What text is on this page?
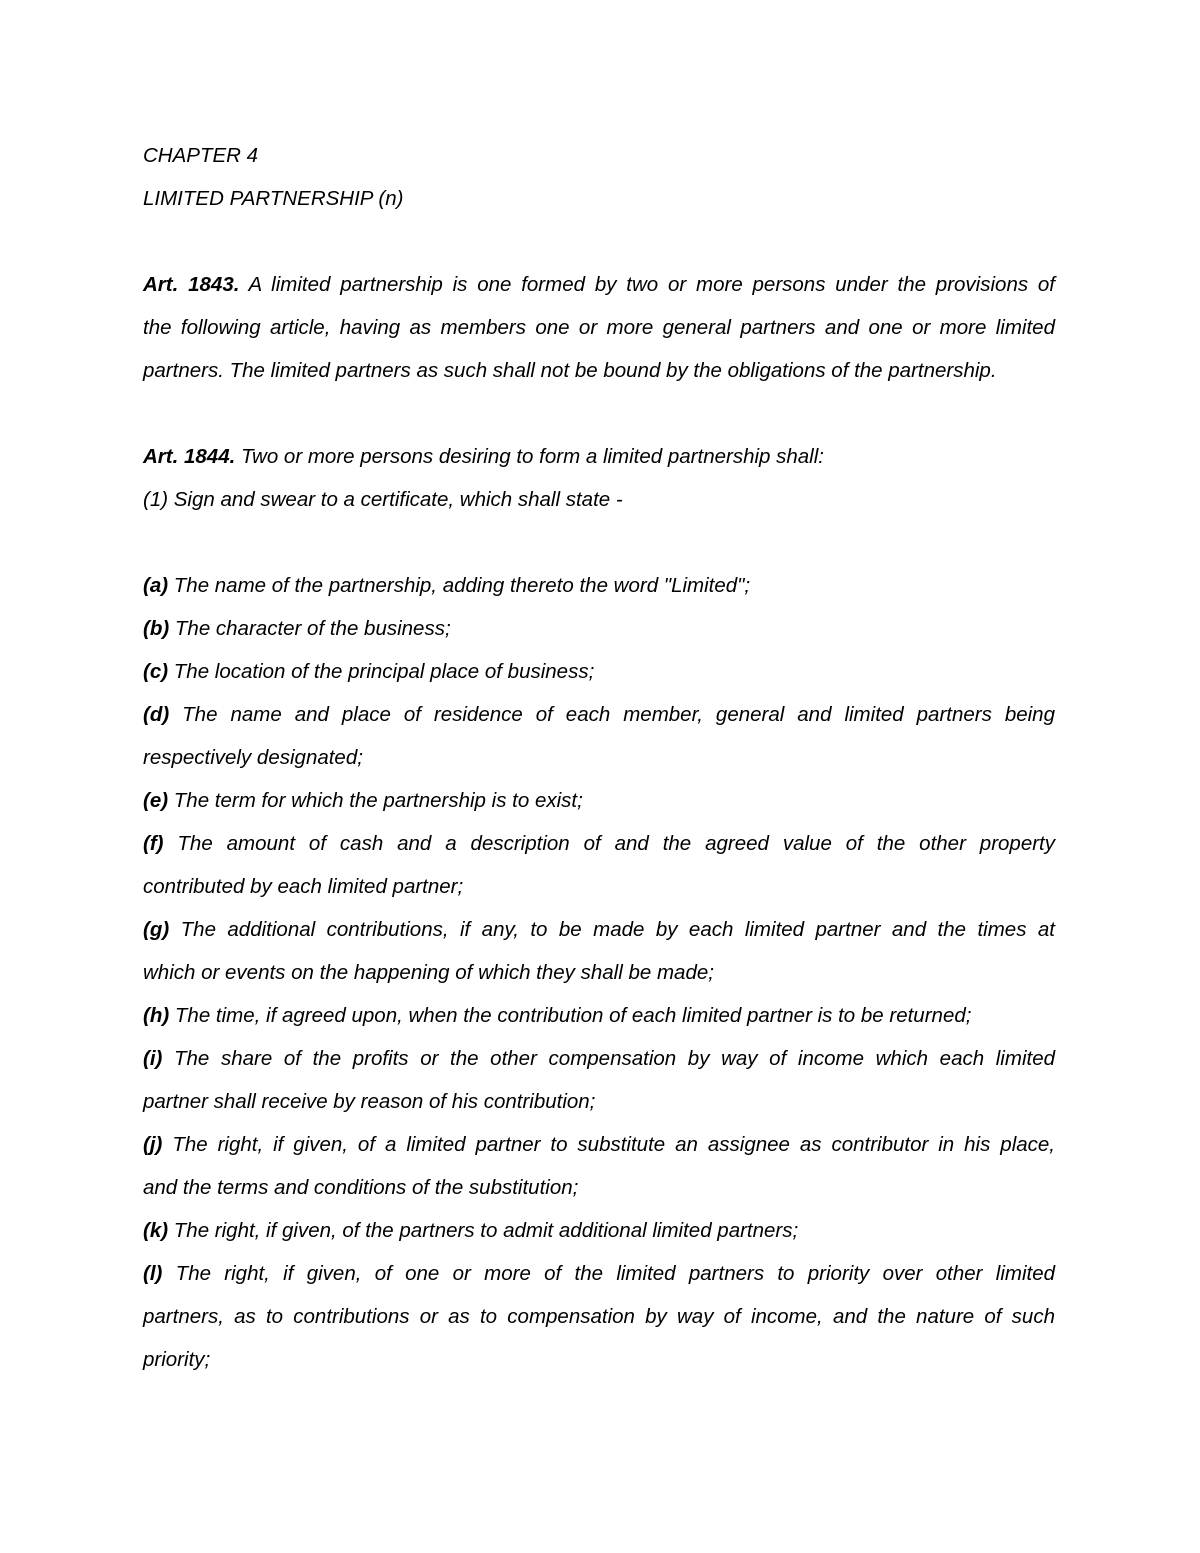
CHAPTER 4
LIMITED PARTNERSHIP (n)
Art. 1843. A limited partnership is one formed by two or more persons under the provisions of
the following article, having as members one or more general partners and one or more limited
partners. The limited partners as such shall not be bound by the obligations of the partnership.
Art. 1844. Two or more persons desiring to form a limited partnership shall:
(1) Sign and swear to a certificate, which shall state -
(a) The name of the partnership, adding thereto the word "Limited";
(b) The character of the business;
(c) The location of the principal place of business;
(d) The name and place of residence of each member, general and limited partners being
respectively designated;
(e) The term for which the partnership is to exist;
(f) The amount of cash and a description of and the agreed value of the other property
contributed by each limited partner;
(g) The additional contributions, if any, to be made by each limited partner and the times at
which or events on the happening of which they shall be made;
(h) The time, if agreed upon, when the contribution of each limited partner is to be returned;
(i) The share of the profits or the other compensation by way of income which each limited
partner shall receive by reason of his contribution;
(j) The right, if given, of a limited partner to substitute an assignee as contributor in his place,
and the terms and conditions of the substitution;
(k) The right, if given, of the partners to admit additional limited partners;
(l) The right, if given, of one or more of the limited partners to priority over other limited
partners, as to contributions or as to compensation by way of income, and the nature of such
priority;
